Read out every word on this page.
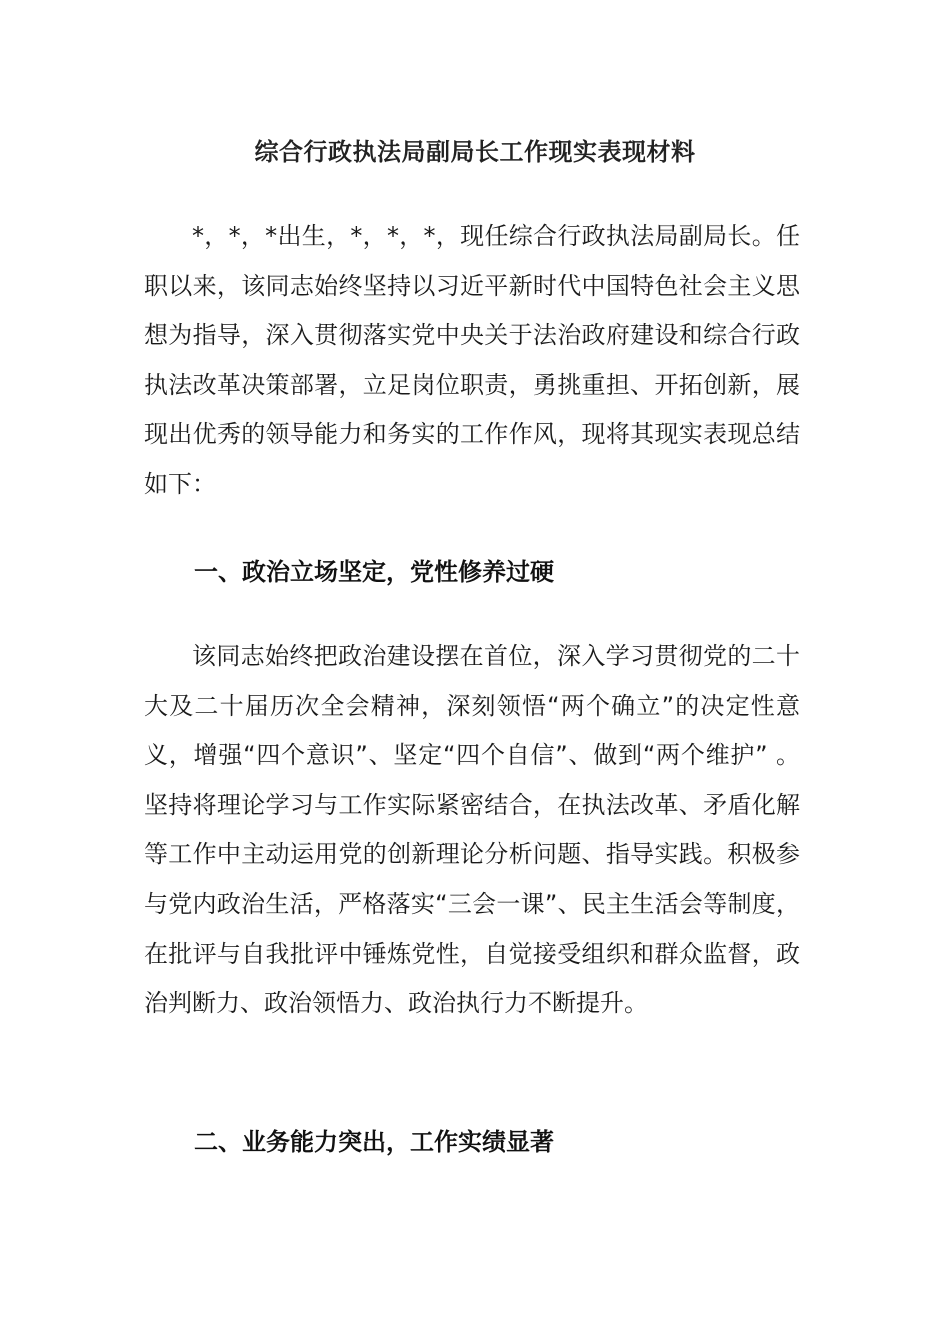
综合行政执法局副局长工作现实表现材料

*，*，*出生，*，*，*，现任综合行政执法局副局长。任职以来，该同志始终坚持以习近平新时代中国特色社会主义思想为指导，深入贯彻落实党中央关于法治政府建设和综合行政执法改革决策部署，立足岗位职责，勇挑重担、开拓创新，展现出优秀的领导能力和务实的工作作风，现将其现实表现总结如下：

一、政治立场坚定，党性修养过硬

该同志始终把政治建设摆在首位，深入学习贯彻党的二十大及二十届历次全会精神，深刻领悟“两个确立”的决定性意义，增强“四个意识”、坚定“四个自信”、做到“两个维护” 。坚持将理论学习与工作实际紧密结合，在执法改革、矛盾化解等工作中主动运用党的创新理论分析问题、指导实践。积极参与党内政治生活，严格落实“三会一课”、民主生活会等制度，在批评与自我批评中锤炼党性，自觉接受组织和群众监督，政治判断力、政治领悟力、政治执行力不断提升。

二、业务能力突出，工作实绩显著
